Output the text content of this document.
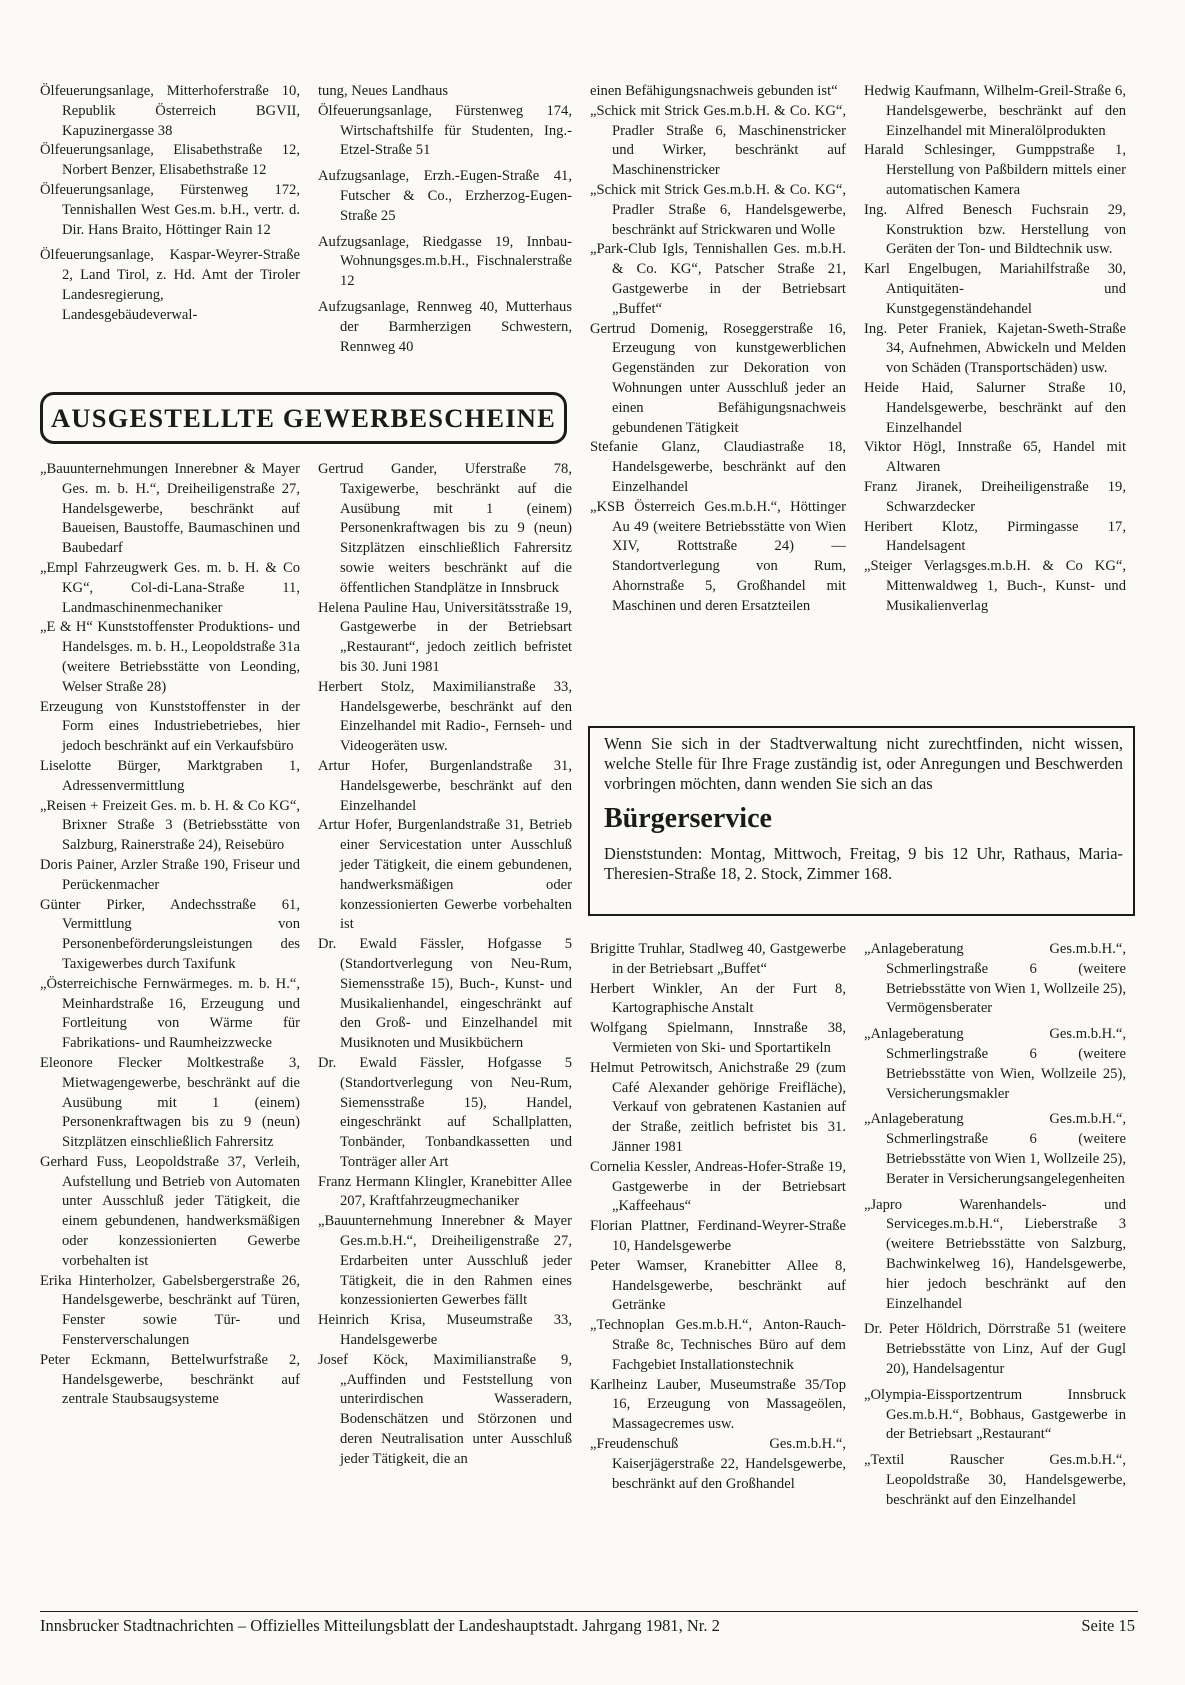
Ölfeuerungsanlage, Mitterhoferstraße 10, Republik Österreich BGVII, Kapuzinergasse 38
Ölfeuerungsanlage, Elisabethstraße 12, Norbert Benzer, Elisabethstraße 12
Ölfeuerungsanlage, Fürstenweg 172, Tennishallen West Ges.m. b.H., vertr. d. Dir. Hans Braito, Höttinger Rain 12
Ölfeuerungsanlage, Kaspar-Weyrer-Straße 2, Land Tirol, z. Hd. Amt der Tiroler Landesregierung, Landesgebäudeverwal-
tung, Neues Landhaus
Ölfeuerungsanlage, Fürstenweg 174, Wirtschaftshilfe für Studenten, Ing.-Etzel-Straße 51
Aufzugsanlage, Erzh.-Eugen-Straße 41, Futscher & Co., Erzherzog-Eugen-Straße 25
Aufzugsanlage, Riedgasse 19, Innbau-Wohnungsges.m.b.H., Fischnalerstraße 12
Aufzugsanlage, Rennweg 40, Mutterhaus der Barmherzigen Schwestern, Rennweg 40
AUSGESTELLTE GEWERBESCHEINE
„Bauunternehmungen Innerebner & Mayer Ges. m. b. H.“, Dreiheiligenstraße 27, Handelsgewerbe, beschränkt auf Baueisen, Baustoffe, Baumaschinen und Baubedarf
„Empl Fahrzeugwerk Ges. m. b. H. & Co KG“, Col-di-Lana-Straße 11, Landmaschinenmechaniker
„E & H“ Kunststoffenster Produktions- und Handelsges. m. b. H., Leopoldstraße 31a (weitere Betriebsstätte von Leonding, Welser Straße 28)
Erzeugung von Kunststoffenster in der Form eines Industriebetriebes, hier jedoch beschränkt auf ein Verkaufsbüro
Liselotte Bürger, Marktgraben 1, Adressenvermittlung
„Reisen + Freizeit Ges. m. b. H. & Co KG“, Brixner Straße 3 (Betriebsstätte von Salzburg, Rainerstraße 24), Reisebüro
Doris Painer, Arzler Straße 190, Friseur und Perückenmacher
Günter Pirker, Andechsstraße 61, Vermittlung von Personenbeförderungsleistungen des Taxigewerbes durch Taxifunk
„Österreichische Fernwärmeges. m. b. H.“, Meinhardstraße 16, Erzeugung und Fortleitung von Wärme für Fabrikations- und Raumheizzwecke
Eleonore Flecker Moltkestraße 3, Mietwagengewerbe, beschränkt auf die Ausübung mit 1 (einem) Personenkraftwagen bis zu 9 (neun) Sitzplätzen einschließlich Fahrersitz
Gerhard Fuss, Leopoldstraße 37, Verleih, Aufstellung und Betrieb von Automaten unter Ausschluß jeder Tätigkeit, die einem gebundenen, handwerksmäßigen oder konzessionierten Gewerbe vorbehalten ist
Erika Hinterholzer, Gabelsbergerstraße 26, Handelsgewerbe, beschränkt auf Türen, Fenster sowie Tür- und Fensterverschalungen
Peter Eckmann, Bettelwurfstraße 2, Handelsgewerbe, beschränkt auf zentrale Staubsaugsysteme
Gertrud Gander, Uferstraße 78, Taxigewerbe, beschränkt auf die Ausübung mit 1 (einem) Personenkraftwagen bis zu 9 (neun) Sitzplätzen einschließlich Fahrersitz sowie weiters beschränkt auf die öffentlichen Standplätze in Innsbruck
Helena Pauline Hau, Universitätsstraße 19, Gastgewerbe in der Betriebsart „Restaurant“, jedoch zeitlich befristet bis 30. Juni 1981
Herbert Stolz, Maximilianstraße 33, Handelsgewerbe, beschränkt auf den Einzelhandel mit Radio-, Fernseh- und Videogeräten usw.
Artur Hofer, Burgenlandstraße 31, Handelsgewerbe, beschränkt auf den Einzelhandel
Artur Hofer, Burgenlandstraße 31, Betrieb einer Servicestation unter Ausschluß jeder Tätigkeit, die einem gebundenen, handwerksmäßigen oder konzessionierten Gewerbe vorbehalten ist
Dr. Ewald Fässler, Hofgasse 5 (Standortverlegung von Neu-Rum, Siemensstraße 15), Buch-, Kunst- und Musikalienhandel, eingeschränkt auf den Groß- und Einzelhandel mit Musiknoten und Musikbüchern
Dr. Ewald Fässler, Hofgasse 5 (Standortverlegung von Neu-Rum, Siemensstraße 15), Handel, eingeschränkt auf Schallplatten, Tonbänder, Tonbandkassetten und Tonträger aller Art
Franz Hermann Klingler, Kranebitter Allee 207, Kraftfahrzeugmechaniker
„Bauunternehmung Innerebner & Mayer Ges.m.b.H.“, Dreiheiligenstraße 27, Erdarbeiten unter Ausschluß jeder Tätigkeit, die in den Rahmen eines konzessionierten Gewerbes fällt
Heinrich Krisa, Museumstraße 33, Handelsgewerbe
Josef Köck, Maximilianstraße 9, „Auffinden und Feststellung von unterirdischen Wasseradern, Bodenschätzen und Störzonen und deren Neutralisation unter Ausschluß jeder Tätigkeit, die an
einen Befähigungsnachweis gebunden ist“
„Schick mit Strick Ges.m.b.H. & Co. KG“, Pradler Straße 6, Maschinenstricker und Wirker, beschränkt auf Maschinenstricker
„Schick mit Strick Ges.m.b.H. & Co. KG“, Pradler Straße 6, Handelsgewerbe, beschränkt auf Strickwaren und Wolle
„Park-Club Igls, Tennishallen Ges. m.b.H. & Co. KG“, Patscher Straße 21, Gastgewerbe in der Betriebsart „Buffet“
Gertrud Domenig, Roseggerstraße 16, Erzeugung von kunstgewerblichen Gegenständen zur Dekoration von Wohnungen unter Ausschluß jeder an einen Befähigungsnachweis gebundenen Tätigkeit
Stefanie Glanz, Claudiastraße 18, Handelsgewerbe, beschränkt auf den Einzelhandel
„KSB Österreich Ges.m.b.H.“, Höttinger Au 49 (weitere Betriebsstätte von Wien XIV, Rottstraße 24) — Standortverlegung von Rum, Ahornstraße 5, Großhandel mit Maschinen und deren Ersatzteilen
Hedwig Kaufmann, Wilhelm-Greil-Straße 6, Handelsgewerbe, beschränkt auf den Einzelhandel mit Mineralölprodukten
Harald Schlesinger, Gumppstraße 1, Herstellung von Paßbildern mittels einer automatischen Kamera
Ing. Alfred Benesch Fuchsrain 29, Konstruktion bzw. Herstellung von Geräten der Ton- und Bildtechnik usw.
Karl Engelbugen, Mariahilfstraße 30, Antiquitäten- und Kunstgegenständehandel
Ing. Peter Franiek, Kajetan-Sweth-Straße 34, Aufnehmen, Abwickeln und Melden von Schäden (Transportschäden) usw.
Heide Haid, Salurner Straße 10, Handelsgewerbe, beschränkt auf den Einzelhandel
Viktor Högl, Innstraße 65, Handel mit Altwaren
Franz Jiranek, Dreiheiligenstraße 19, Schwarzdecker
Heribert Klotz, Pirmingasse 17, Handelsagent
„Steiger Verlagsges.m.b.H. & Co KG“, Mittenwaldweg 1, Buch-, Kunst- und Musikalienverlag
Wenn Sie sich in der Stadtverwaltung nicht zurechtfinden, nicht wissen, welche Stelle für Ihre Frage zuständig ist, oder Anregungen und Beschwerden vorbringen möchten, dann wenden Sie sich an das
Bürgerservice
Dienststunden: Montag, Mittwoch, Freitag, 9 bis 12 Uhr, Rathaus, Maria-Theresien-Straße 18, 2. Stock, Zimmer 168.
Brigitte Truhlar, Stadlweg 40, Gastgewerbe in der Betriebsart „Buffet“
Herbert Winkler, An der Furt 8, Kartographische Anstalt
Wolfgang Spielmann, Innstraße 38, Vermieten von Ski- und Sportartikeln
Helmut Petrowitsch, Anichstraße 29 (zum Café Alexander gehörige Freifläche), Verkauf von gebratenen Kastanien auf der Straße, zeitlich befristet bis 31. Jänner 1981
Cornelia Kessler, Andreas-Hofer-Straße 19, Gastgewerbe in der Betriebsart „Kaffeehaus“
Florian Plattner, Ferdinand-Weyrer-Straße 10, Handelsgewerbe
Peter Wamser, Kranebitter Allee 8, Handelsgewerbe, beschränkt auf Getränke
„Technoplan Ges.m.b.H.“, Anton-Rauch-Straße 8c, Technisches Büro auf dem Fachgebiet Installationstechnik
Karlheinz Lauber, Museumstraße 35/Top 16, Erzeugung von Massageölen, Massagecremes usw.
„Freudenschuß Ges.m.b.H.“, Kaiserjägerstraße 22, Handelsgewerbe, beschränkt auf den Großhandel
„Anlageberatung Ges.m.b.H.“, Schmerlingstraße 6 (weitere Betriebsstätte von Wien 1, Wollzeile 25), Vermögensberater
„Anlageberatung Ges.m.b.H.“, Schmerlingstraße 6 (weitere Betriebsstätte von Wien, Wollzeile 25), Versicherungsmakler
„Anlageberatung Ges.m.b.H.“, Schmerlingstraße 6 (weitere Betriebsstätte von Wien 1, Wollzeile 25), Berater in Versicherungsangelegenheiten
„Japro Warenhandels- und Serviceges.m.b.H.“, Lieberstraße 3 (weitere Betriebsstätte von Salzburg, Bachwinkelweg 16), Handelsgewerbe, hier jedoch beschränkt auf den Einzelhandel
Dr. Peter Höldrich, Dörrstraße 51 (weitere Betriebsstätte von Linz, Auf der Gugl 20), Handelsagentur
„Olympia-Eissportzentrum Innsbruck Ges.m.b.H.“, Bobhaus, Gastgewerbe in der Betriebsart „Restaurant“
„Textil Rauscher Ges.m.b.H.“, Leopoldstraße 30, Handelsgewerbe, beschränkt auf den Einzelhandel
Innsbrucker Stadtnachrichten – Offizielles Mitteilungsblatt der Landeshauptstadt. Jahrgang 1981, Nr. 2	Seite 15
